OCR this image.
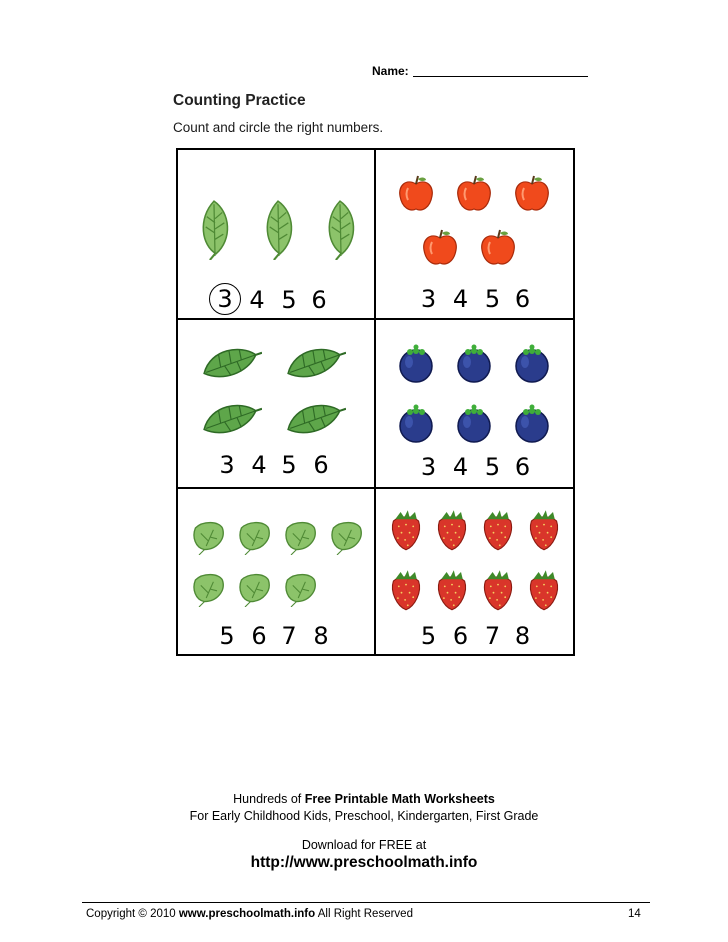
Name:
Counting Practice
Count and circle the right numbers.
3 4 5 6	3 4 5 6
3 4 5 6	3 4 5 6
5 6 7 8	5 6 7 8
Hundreds of Free Printable Math Worksheets
For Early Childhood Kids, Preschool, Kindergarten, First Grade
Download for FREE at
http://www.preschoolmath.info
Copyright © 2010 www.preschoolmath.info All Right Reserved	14
